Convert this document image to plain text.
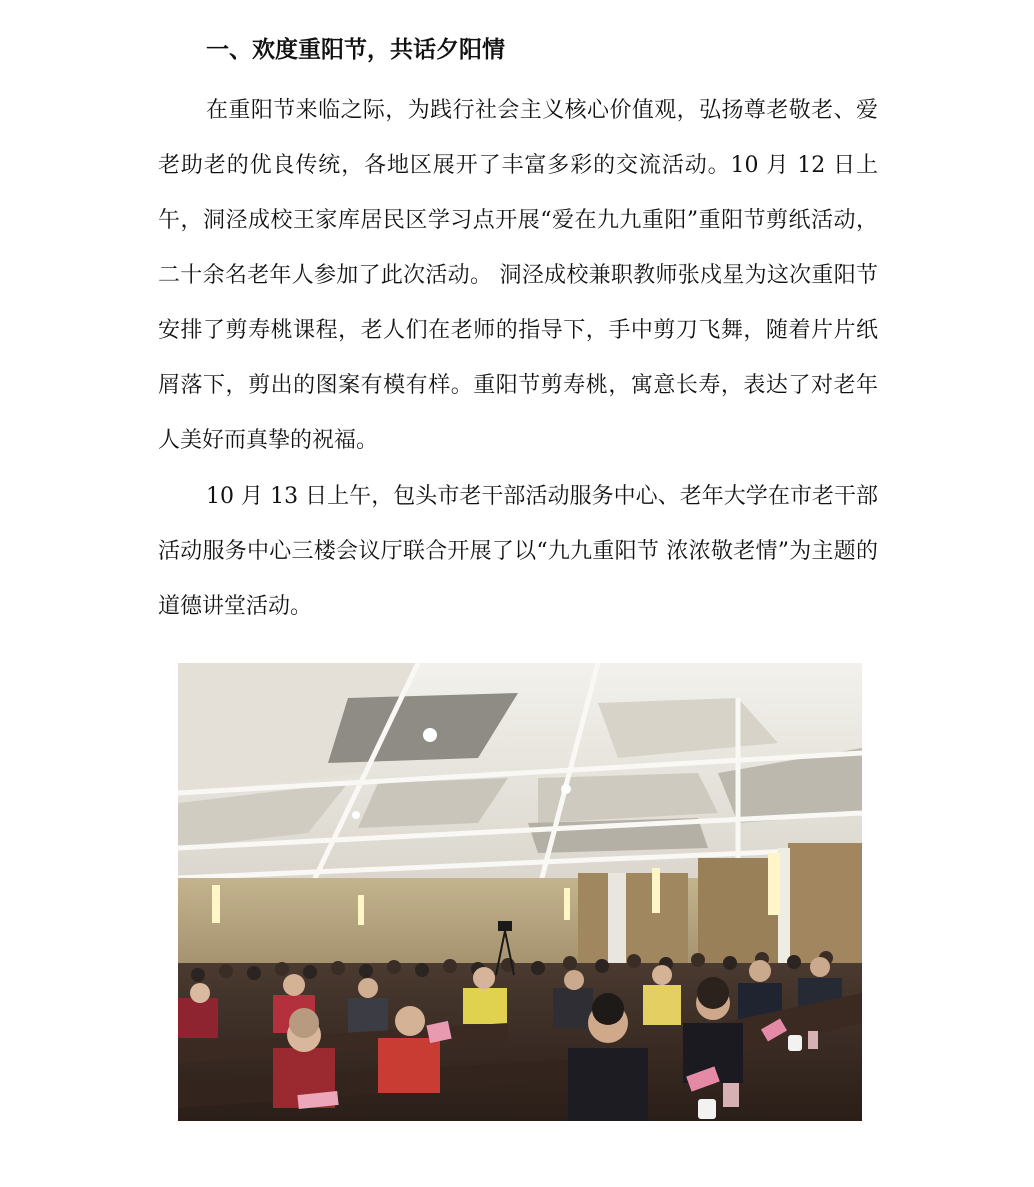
一、欢度重阳节，共话夕阳情

在重阳节来临之际，为践行社会主义核心价值观，弘扬尊老敬老、爱老助老的优良传统，各地区展开了丰富多彩的交流活动。10 月 12 日上午，洞泾成校王家库居民区学习点开展“爱在九九重阳”重阳节剪纸活动，二十余名老年人参加了此次活动。 洞泾成校兼职教师张戍星为这次重阳节安排了剪寿桃课程，老人们在老师的指导下，手中剪刀飞舞，随着片片纸屑落下，剪出的图案有模有样。重阳节剪寿桃，寓意长寿，表达了对老年人美好而真挚的祝福。

10 月 13 日上午，包头市老干部活动服务中心、老年大学在市老干部活动服务中心三楼会议厅联合开展了以“九九重阳节 浓浓敬老情”为主题的道德讲堂活动。
